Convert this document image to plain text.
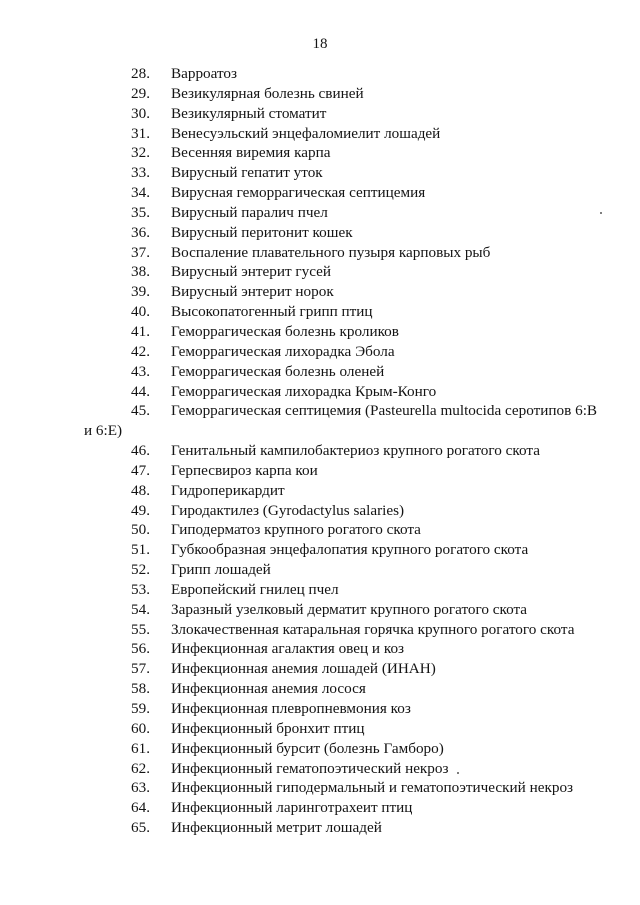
18
28.	Варроатоз
29.	Везикулярная болезнь свиней
30.	Везикулярный стоматит
31.	Венесуэльский энцефаломиелит лошадей
32.	Весенняя виремия карпа
33.	Вирусный гепатит уток
34.	Вирусная геморрагическая септицемия
35.	Вирусный паралич пчел
36.	Вирусный перитонит кошек
37.	Воспаление плавательного пузыря карповых рыб
38.	Вирусный энтерит гусей
39.	Вирусный энтерит норок
40.	Высокопатогенный грипп птиц
41.	Геморрагическая болезнь кроликов
42.	Геморрагическая лихорадка Эбола
43.	Геморрагическая болезнь оленей
44.	Геморрагическая лихорадка Крым-Конго
45.	Геморрагическая септицемия (Pasteurella multocida серотипов 6:B
и 6:E)
46.	Генитальный кампилобактериоз крупного рогатого скота
47.	Герпесвироз карпа кои
48.	Гидроперикардит
49.	Гиродактилез (Gyrodactylus salaries)
50.	Гиподерматоз крупного рогатого скота
51.	Губкообразная энцефалопатия крупного рогатого скота
52.	Грипп лошадей
53.	Европейский гнилец пчел
54.	Заразный узелковый дерматит крупного рогатого скота
55.	Злокачественная катаральная горячка крупного рогатого скота
56.	Инфекционная агалактия овец и коз
57.	Инфекционная анемия лошадей (ИНАН)
58.	Инфекционная анемия лосося
59.	Инфекционная плевропневмония коз
60.	Инфекционный бронхит птиц
61.	Инфекционный бурсит (болезнь Гамборо)
62.	Инфекционный гематопоэтический некроз
63.	Инфекционный гиподермальный и гематопоэтический некроз
64.	Инфекционный ларинготрахеит птиц
65.	Инфекционный метрит лошадей
